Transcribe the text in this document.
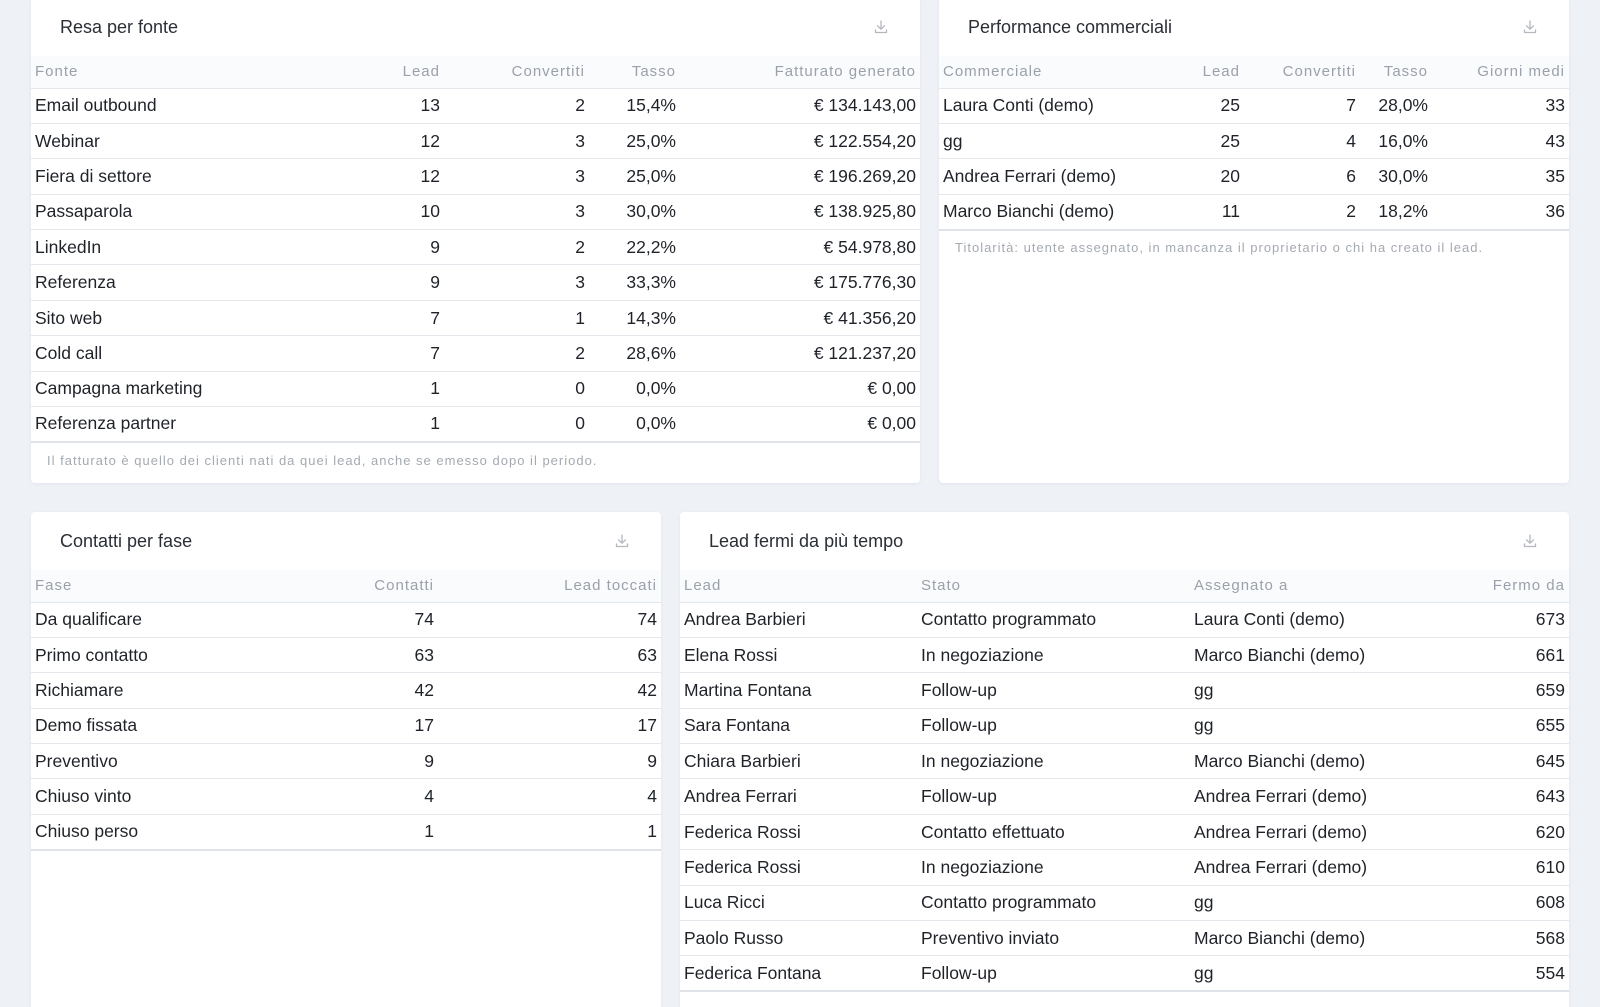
Resa per fonte
Fonte	Lead	Convertiti	Tasso	Fatturato generato
Email outbound	13	2	15,4%	€ 134.143,00
Webinar	12	3	25,0%	€ 122.554,20
Fiera di settore	12	3	25,0%	€ 196.269,20
Passaparola	10	3	30,0%	€ 138.925,80
LinkedIn	9	2	22,2%	€ 54.978,80
Referenza	9	3	33,3%	€ 175.776,30
Sito web	7	1	14,3%	€ 41.356,20
Cold call	7	2	28,6%	€ 121.237,20
Campagna marketing	1	0	0,0%	€ 0,00
Referenza partner	1	0	0,0%	€ 0,00
Il fatturato è quello dei clienti nati da quei lead, anche se emesso dopo il periodo.
Performance commerciali
Commerciale	Lead	Convertiti	Tasso	Giorni medi
Laura Conti (demo)	25	7	28,0%	33
gg	25	4	16,0%	43
Andrea Ferrari (demo)	20	6	30,0%	35
Marco Bianchi (demo)	11	2	18,2%	36
Titolarità: utente assegnato, in mancanza il proprietario o chi ha creato il lead.
Contatti per fase
Fase	Contatti	Lead toccati
Da qualificare	74	74
Primo contatto	63	63
Richiamare	42	42
Demo fissata	17	17
Preventivo	9	9
Chiuso vinto	4	4
Chiuso perso	1	1
Lead fermi da più tempo
Lead	Stato	Assegnato a	Fermo da
Andrea Barbieri	Contatto programmato	Laura Conti (demo)	673
Elena Rossi	In negoziazione	Marco Bianchi (demo)	661
Martina Fontana	Follow-up	gg	659
Sara Fontana	Follow-up	gg	655
Chiara Barbieri	In negoziazione	Marco Bianchi (demo)	645
Andrea Ferrari	Follow-up	Andrea Ferrari (demo)	643
Federica Rossi	Contatto effettuato	Andrea Ferrari (demo)	620
Federica Rossi	In negoziazione	Andrea Ferrari (demo)	610
Luca Ricci	Contatto programmato	gg	608
Paolo Russo	Preventivo inviato	Marco Bianchi (demo)	568
Federica Fontana	Follow-up	gg	554
